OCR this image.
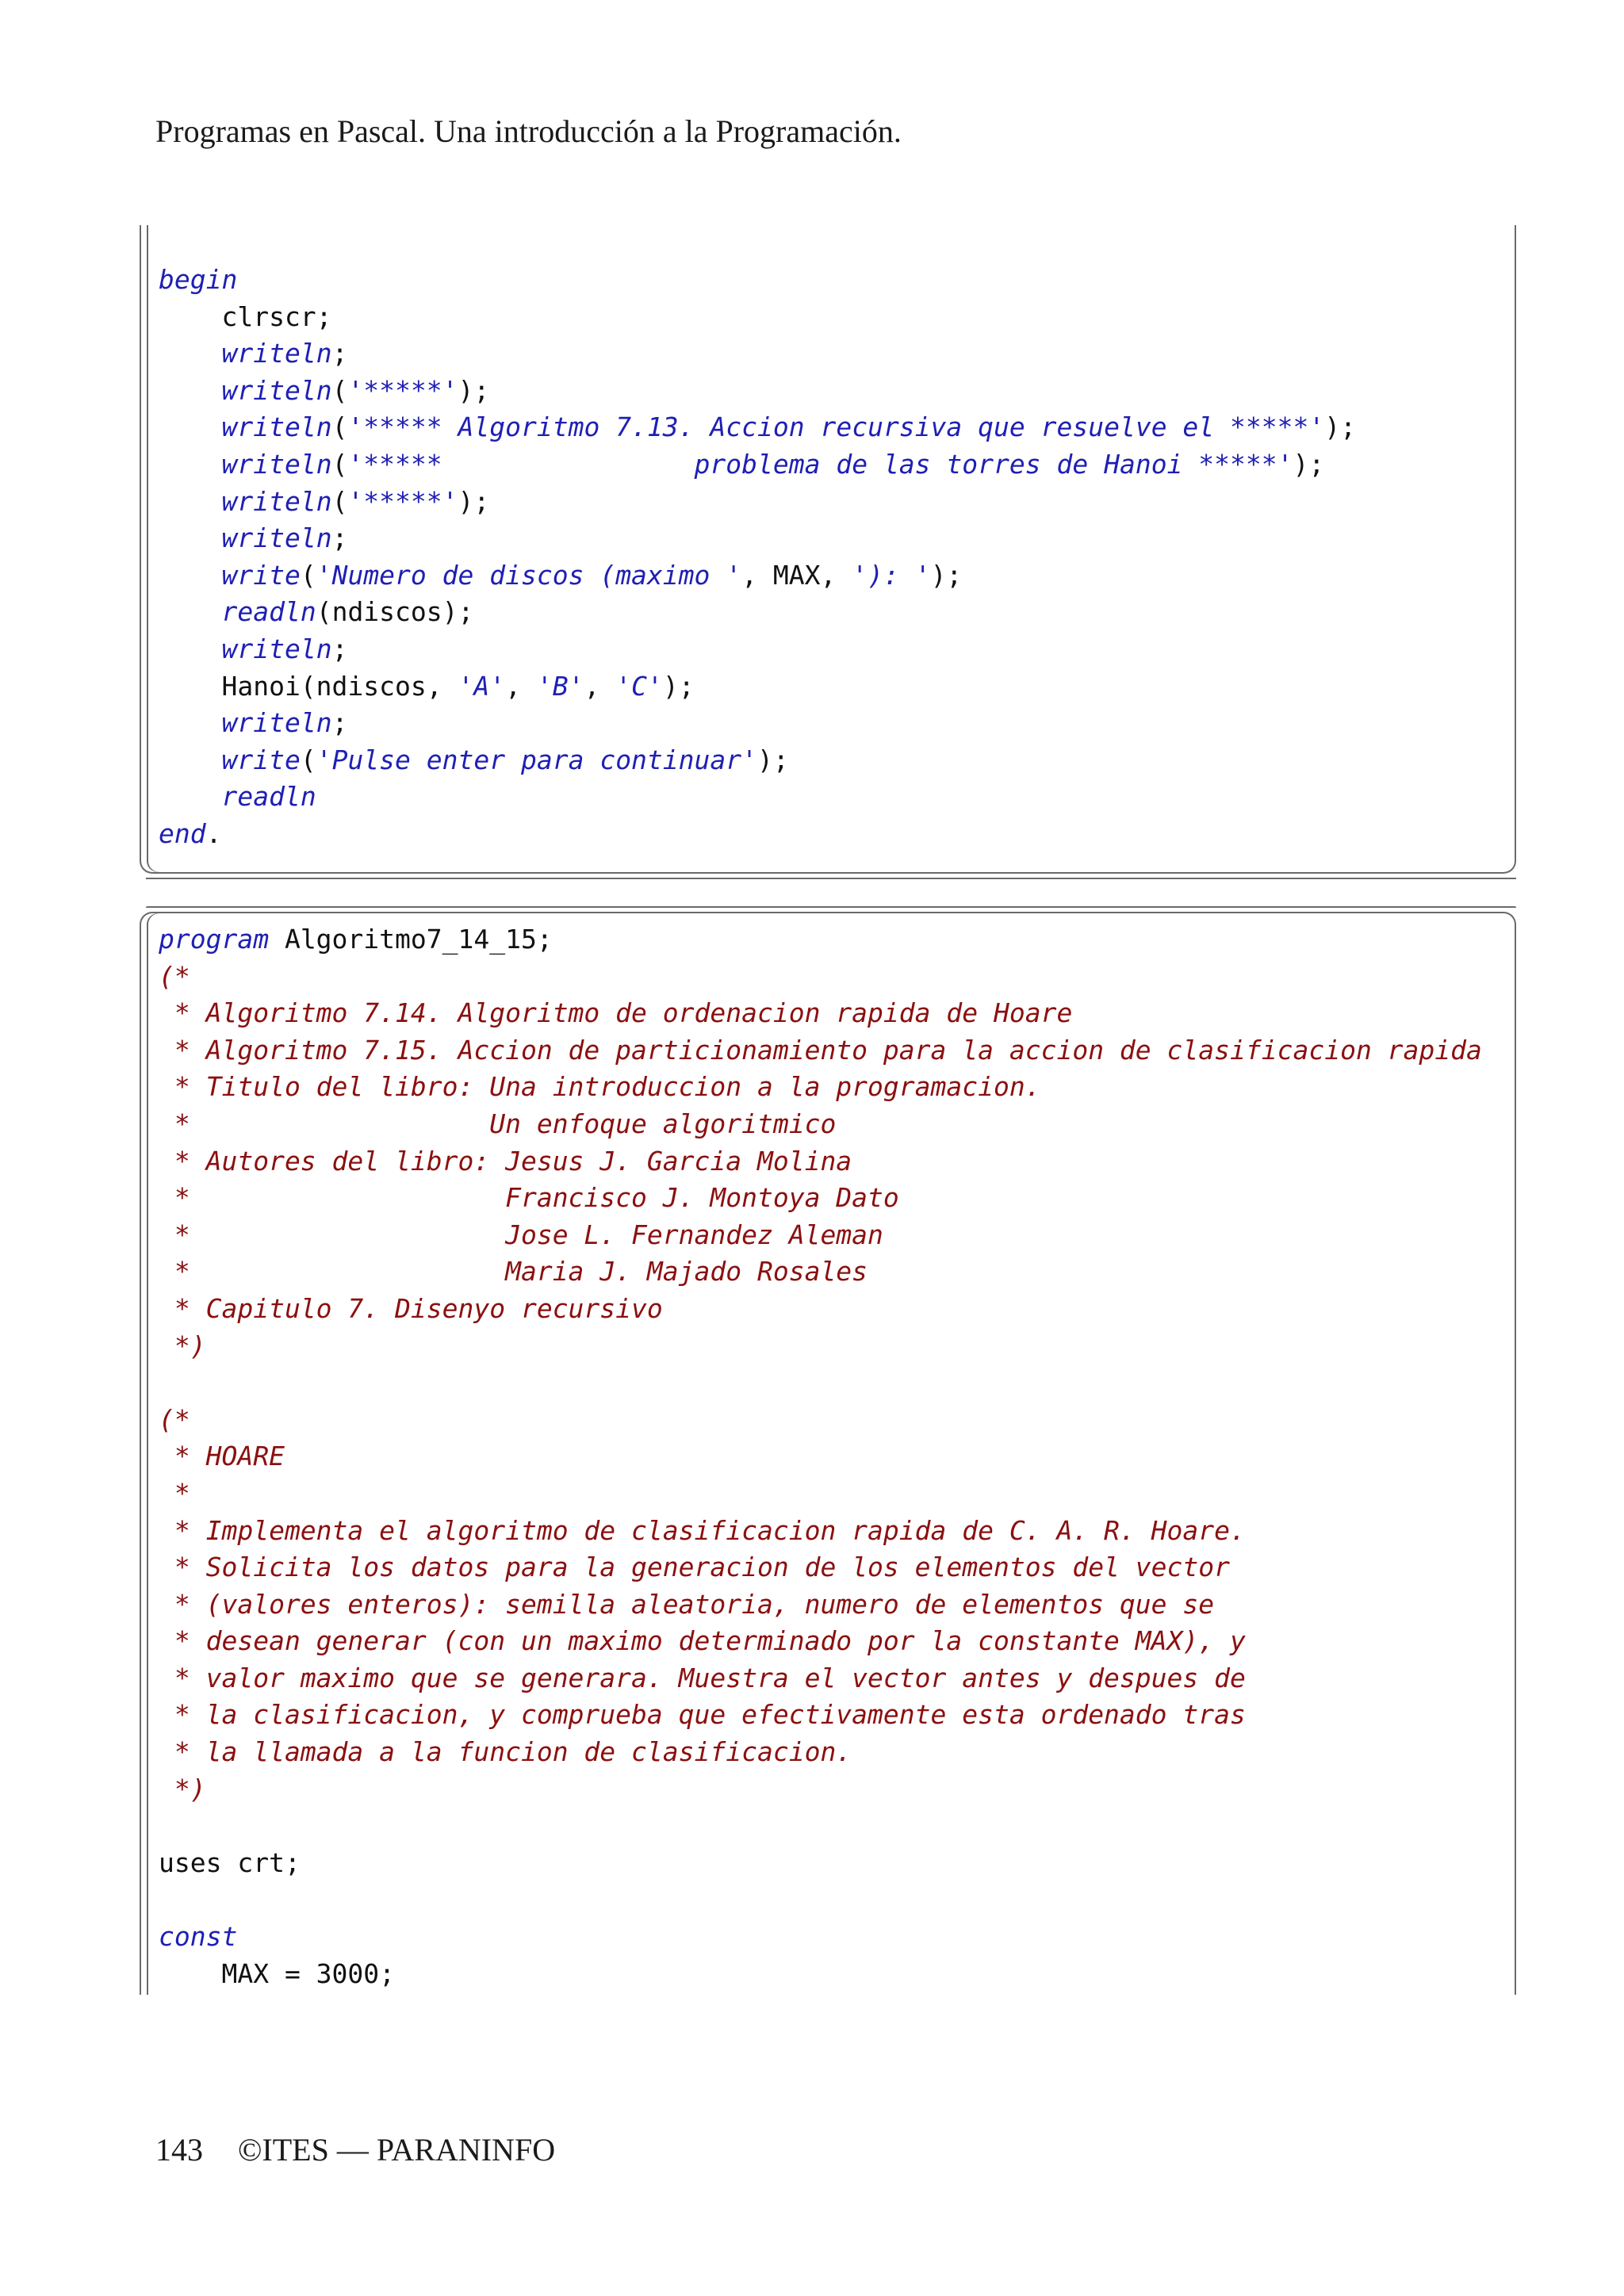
Programas en Pascal. Una introducción a la Programación.
begin
clrscr;
writeln;
writeln('*****');
writeln('***** Algoritmo 7.13. Accion recursiva que resuelve el *****');
writeln('*****                problema de las torres de Hanoi *****');
writeln('*****');
writeln;
write('Numero de discos (maximo ', MAX, '): ');
readln(ndiscos);
writeln;
Hanoi(ndiscos, 'A', 'B', 'C');
writeln;
write('Pulse enter para continuar');
readln
end.
program Algoritmo7_14_15;
(*
* Algoritmo 7.14. Algoritmo de ordenacion rapida de Hoare
* Algoritmo 7.15. Accion de particionamiento para la accion de clasificacion rapida
* Titulo del libro: Una introduccion a la programacion.
*                   Un enfoque algoritmico
* Autores del libro: Jesus J. Garcia Molina
*                    Francisco J. Montoya Dato
*                    Jose L. Fernandez Aleman
*                    Maria J. Majado Rosales
* Capitulo 7. Disenyo recursivo
*)
(*
* HOARE
*
* Implementa el algoritmo de clasificacion rapida de C. A. R. Hoare.
* Solicita los datos para la generacion de los elementos del vector
* (valores enteros): semilla aleatoria, numero de elementos que se
* desean generar (con un maximo determinado por la constante MAX), y
* valor maximo que se generara. Muestra el vector antes y despues de
* la clasificacion, y comprueba que efectivamente esta ordenado tras
* la llamada a la funcion de clasificacion.
*)
uses crt;
const
MAX = 3000;
143 ©ITES — PARANINFO
